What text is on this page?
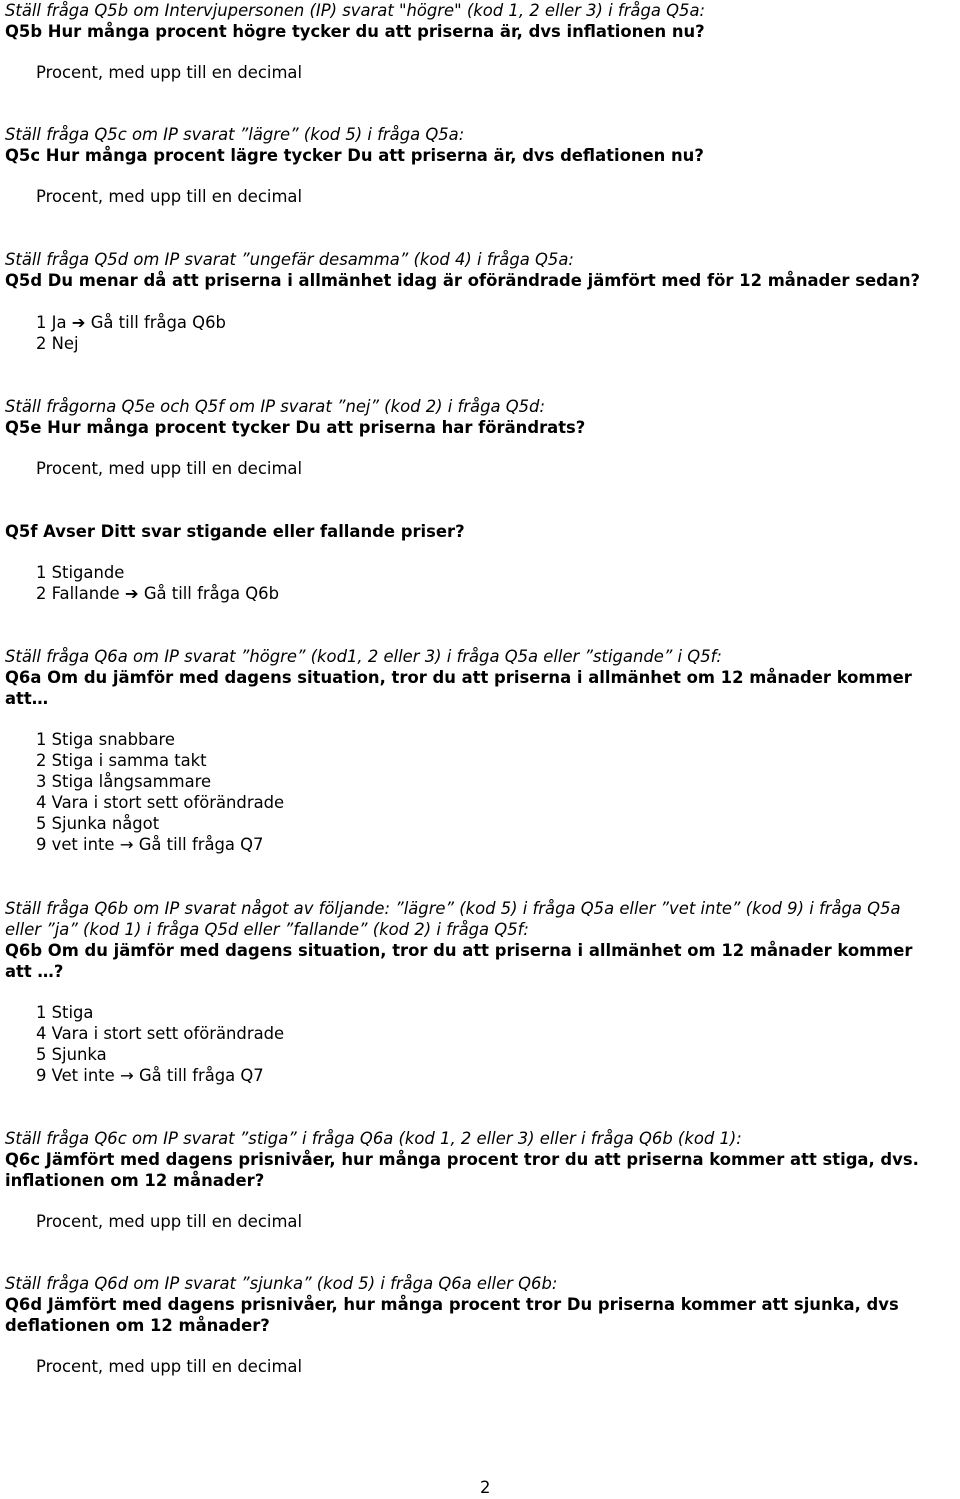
Ställ fråga Q5b om Intervjupersonen (IP) svarat "högre" (kod 1, 2 eller 3) i fråga Q5a:
Q5b Hur många procent högre tycker du att priserna är, dvs inflationen nu?
Procent, med upp till en decimal
Ställ fråga Q5c om IP svarat ”lägre” (kod 5) i fråga Q5a:
Q5c Hur många procent lägre tycker Du att priserna är, dvs deflationen nu?
Procent, med upp till en decimal
Ställ fråga Q5d om IP svarat ”ungefär desamma” (kod 4) i fråga Q5a:
Q5d Du menar då att priserna i allmänhet idag är oförändrade jämfört med för 12 månader sedan?
1 Ja ➔ Gå till fråga Q6b
2 Nej
Ställ frågorna Q5e och Q5f om IP svarat ”nej” (kod 2) i fråga Q5d:
Q5e Hur många procent tycker Du att priserna har förändrats?
Procent, med upp till en decimal
Q5f Avser Ditt svar stigande eller fallande priser?
1 Stigande
2 Fallande ➔ Gå till fråga Q6b
Ställ fråga Q6a om IP svarat ”högre” (kod1, 2 eller 3) i fråga Q5a eller ”stigande” i Q5f:
Q6a Om du jämför med dagens situation, tror du att priserna i allmänhet om 12 månader kommer
att…
1 Stiga snabbare
2 Stiga i samma takt
3 Stiga långsammare
4 Vara i stort sett oförändrade
5 Sjunka något
9 vet inte → Gå till fråga Q7
Ställ fråga Q6b om IP svarat något av följande: ”lägre” (kod 5) i fråga Q5a eller ”vet inte” (kod 9) i fråga Q5a
eller ”ja” (kod 1) i fråga Q5d eller ”fallande” (kod 2) i fråga Q5f:
Q6b Om du jämför med dagens situation, tror du att priserna i allmänhet om 12 månader kommer
att …?
1 Stiga
4 Vara i stort sett oförändrade
5 Sjunka
9 Vet inte → Gå till fråga Q7
Ställ fråga Q6c om IP svarat ”stiga” i fråga Q6a (kod 1, 2 eller 3) eller i fråga Q6b (kod 1):
Q6c Jämfört med dagens prisnivåer, hur många procent tror du att priserna kommer att stiga, dvs.
inflationen om 12 månader?
Procent, med upp till en decimal
Ställ fråga Q6d om IP svarat ”sjunka” (kod 5) i fråga Q6a eller Q6b:
Q6d Jämfört med dagens prisnivåer, hur många procent tror Du priserna kommer att sjunka, dvs
deflationen om 12 månader?
Procent, med upp till en decimal
2
